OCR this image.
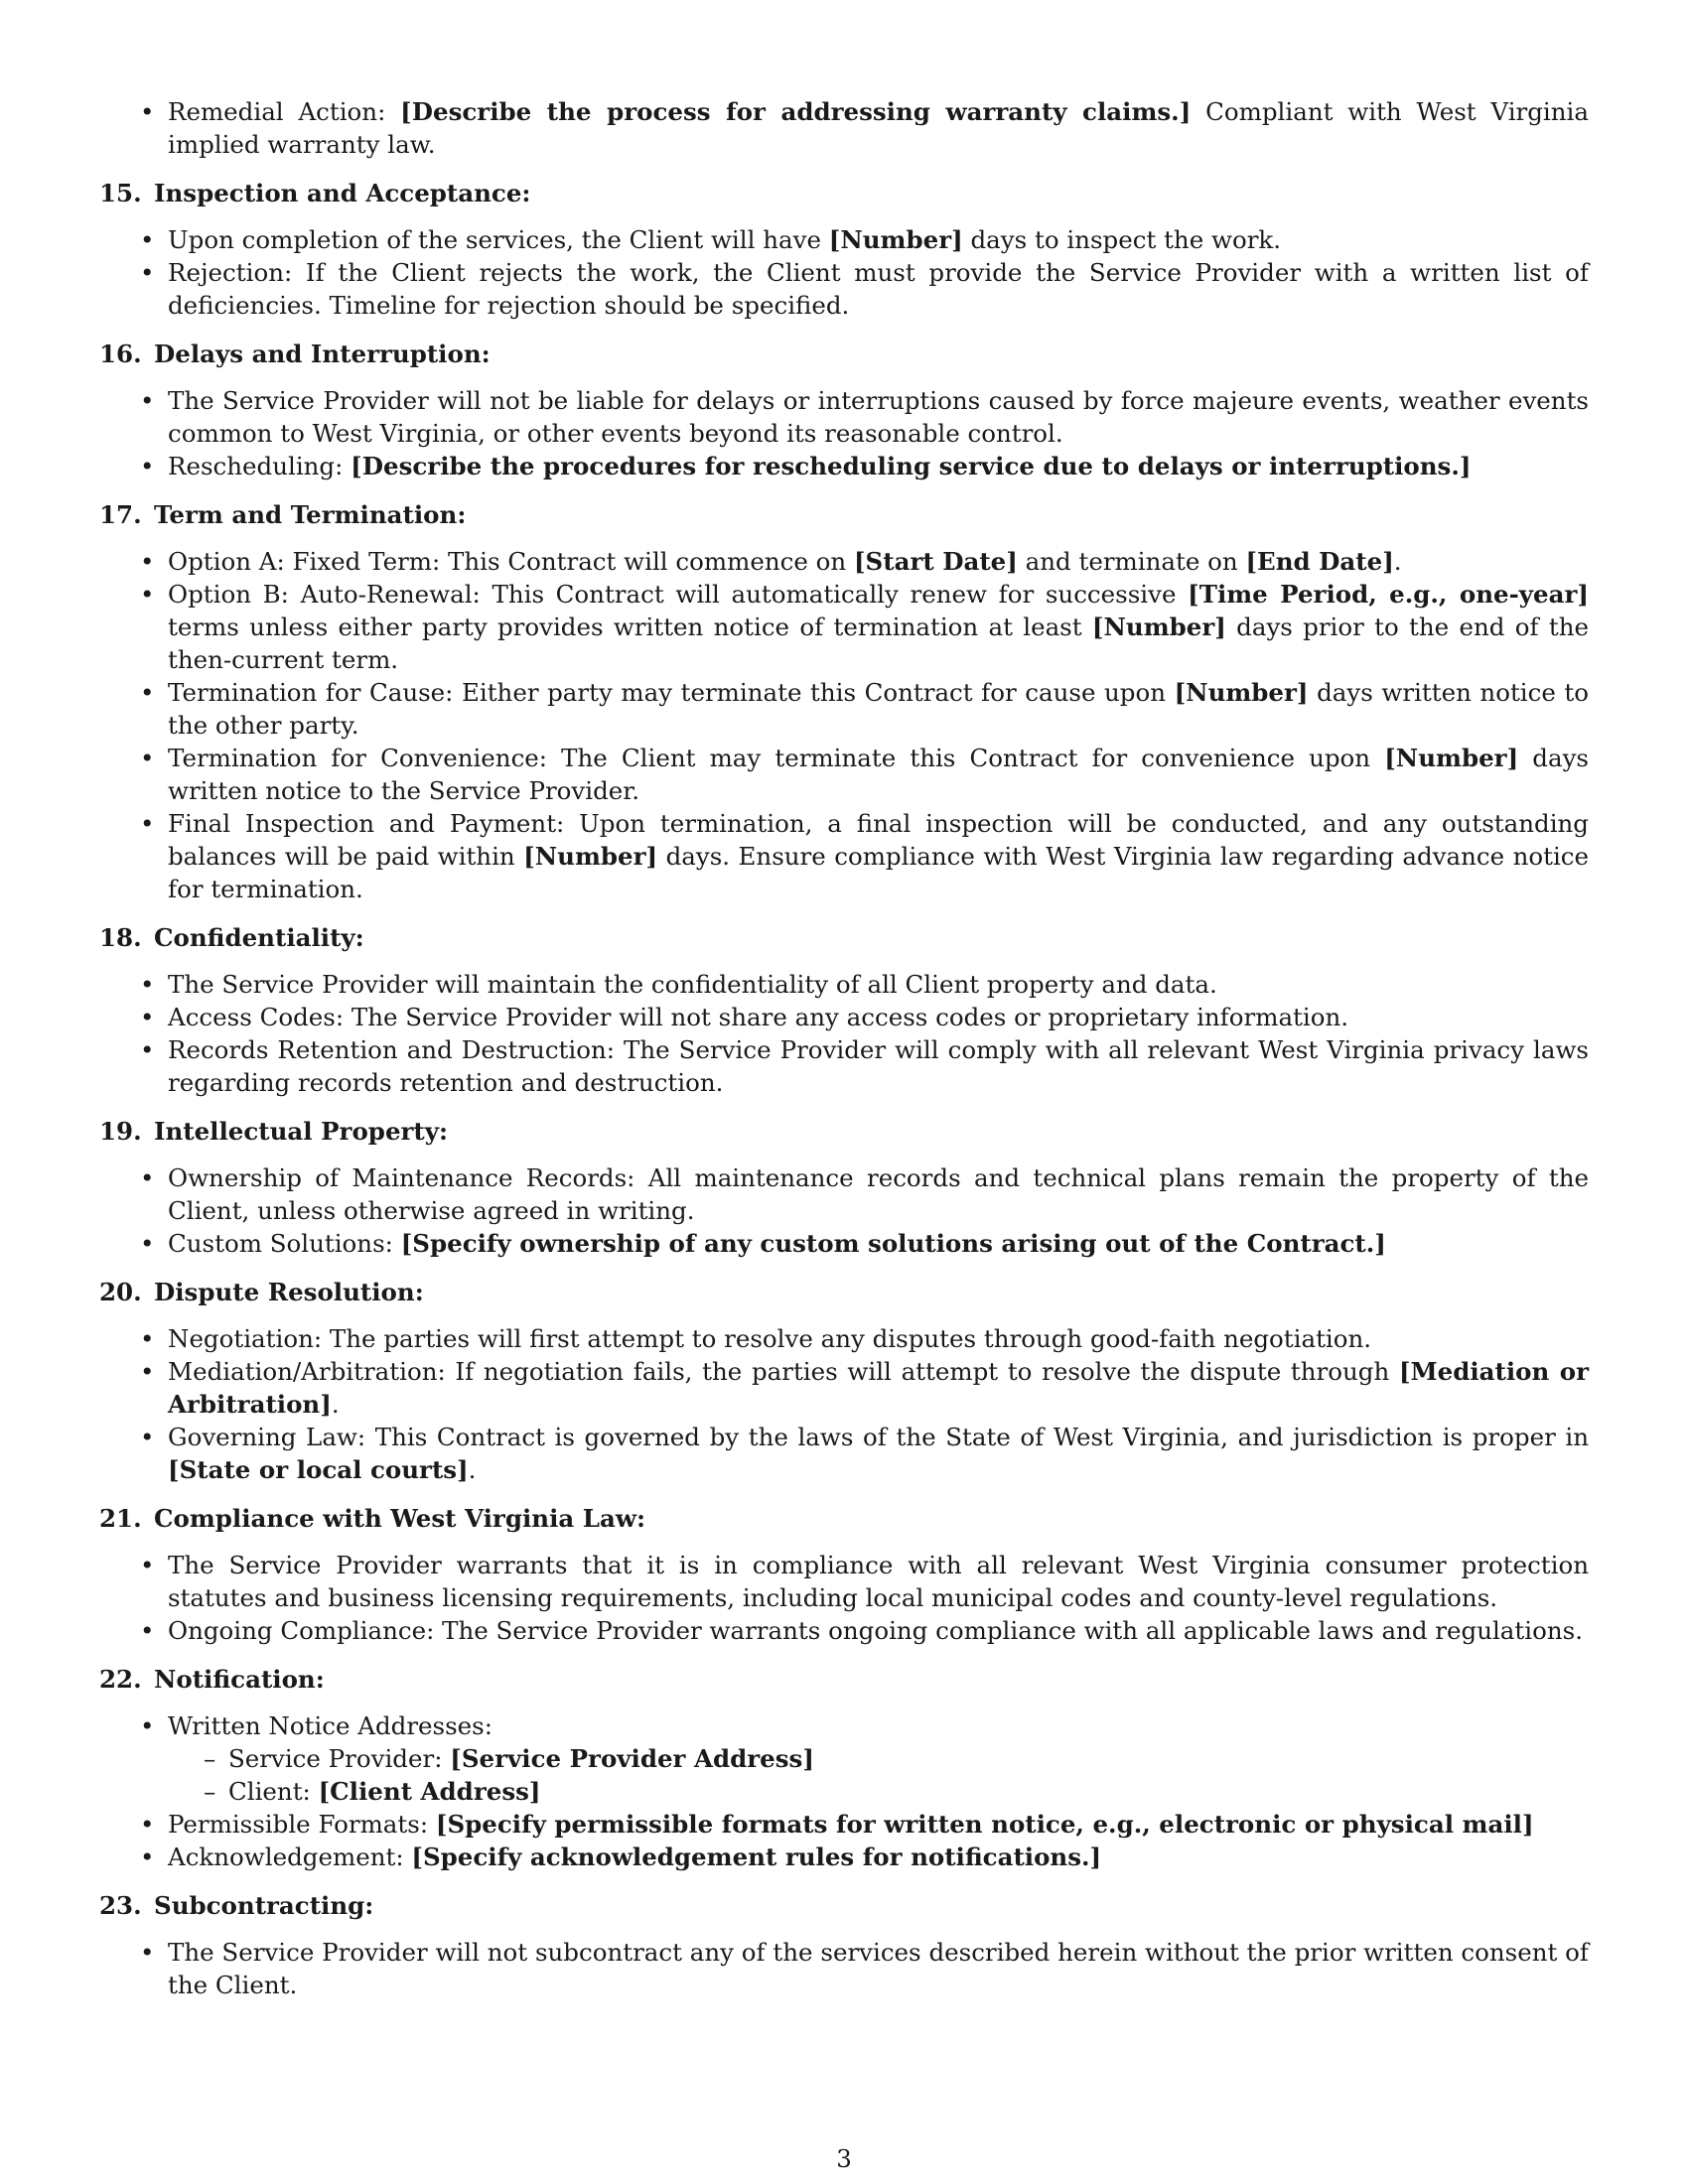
• Remedial Action: [Describe the process for addressing warranty claims.] Compliant with West Virginia implied warranty law.
15. Inspection and Acceptance:
• Upon completion of the services, the Client will have [Number] days to inspect the work.
• Rejection: If the Client rejects the work, the Client must provide the Service Provider with a written list of deficiencies. Timeline for rejection should be specified.
16. Delays and Interruption:
• The Service Provider will not be liable for delays or interruptions caused by force majeure events, weather events common to West Virginia, or other events beyond its reasonable control.
• Rescheduling: [Describe the procedures for rescheduling service due to delays or interruptions.]
17. Term and Termination:
• Option A: Fixed Term: This Contract will commence on [Start Date] and terminate on [End Date].
• Option B: Auto-Renewal: This Contract will automatically renew for successive [Time Period, e.g., one-year] terms unless either party provides written notice of termination at least [Number] days prior to the end of the then-current term.
• Termination for Cause: Either party may terminate this Contract for cause upon [Number] days written notice to the other party.
• Termination for Convenience: The Client may terminate this Contract for convenience upon [Number] days written notice to the Service Provider.
• Final Inspection and Payment: Upon termination, a final inspection will be conducted, and any outstanding balances will be paid within [Number] days. Ensure compliance with West Virginia law regarding advance notice for termination.
18. Confidentiality:
• The Service Provider will maintain the confidentiality of all Client property and data.
• Access Codes: The Service Provider will not share any access codes or proprietary information.
• Records Retention and Destruction: The Service Provider will comply with all relevant West Virginia privacy laws regarding records retention and destruction.
19. Intellectual Property:
• Ownership of Maintenance Records: All maintenance records and technical plans remain the property of the Client, unless otherwise agreed in writing.
• Custom Solutions: [Specify ownership of any custom solutions arising out of the Contract.]
20. Dispute Resolution:
• Negotiation: The parties will first attempt to resolve any disputes through good-faith negotiation.
• Mediation/Arbitration: If negotiation fails, the parties will attempt to resolve the dispute through [Mediation or Arbitration].
• Governing Law: This Contract is governed by the laws of the State of West Virginia, and jurisdiction is proper in [State or local courts].
21. Compliance with West Virginia Law:
• The Service Provider warrants that it is in compliance with all relevant West Virginia consumer protection statutes and business licensing requirements, including local municipal codes and county-level regulations.
• Ongoing Compliance: The Service Provider warrants ongoing compliance with all applicable laws and regulations.
22. Notification:
• Written Notice Addresses:
– Service Provider: [Service Provider Address]
– Client: [Client Address]
• Permissible Formats: [Specify permissible formats for written notice, e.g., electronic or physical mail]
• Acknowledgement: [Specify acknowledgement rules for notifications.]
23. Subcontracting:
• The Service Provider will not subcontract any of the services described herein without the prior written consent of the Client.
3
